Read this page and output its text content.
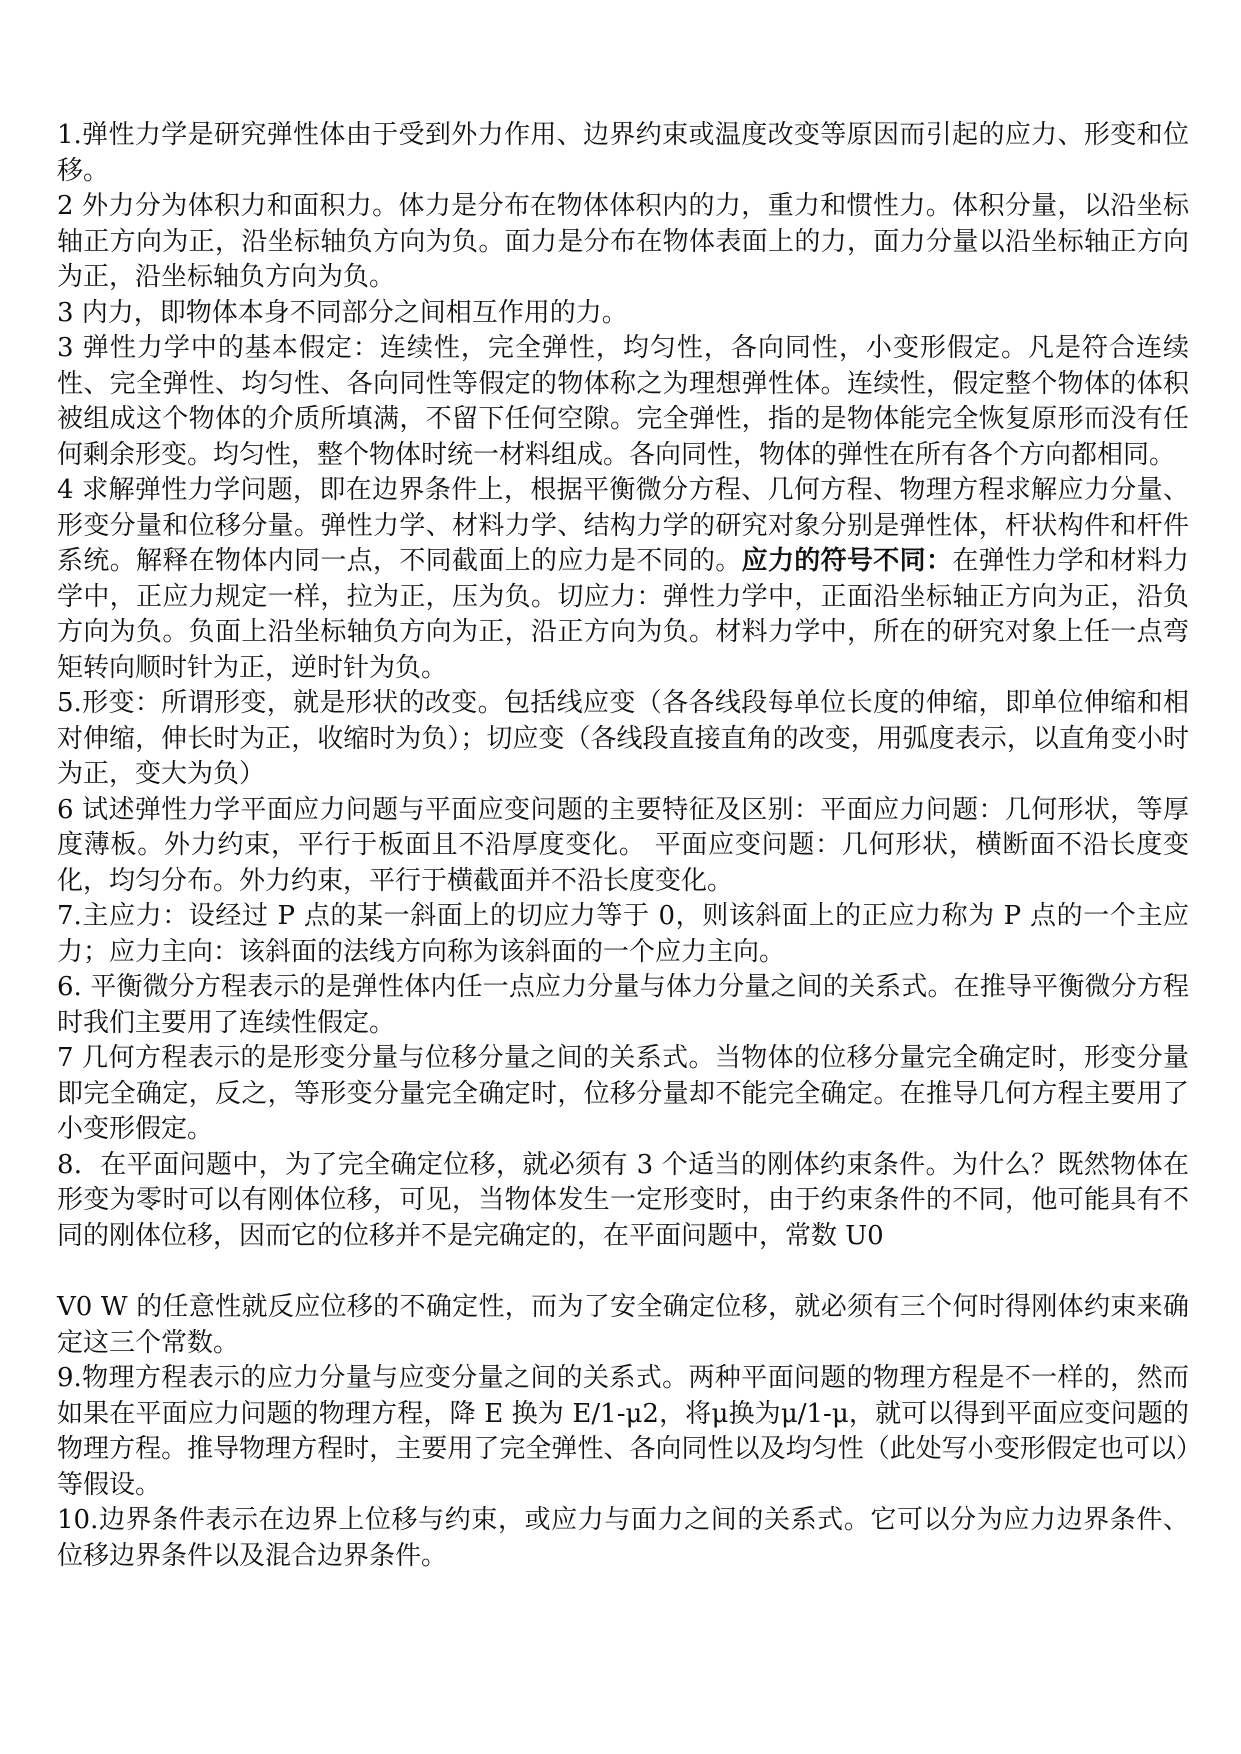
1.弹性力学是研究弹性体由于受到外力作用、边界约束或温度改变等原因而引起的应力、形变和位移。

2 外力分为体积力和面积力。体力是分布在物体体积内的力，重力和惯性力。体积分量，以沿坐标轴正方向为正，沿坐标轴负方向为负。面力是分布在物体表面上的力，面力分量以沿坐标轴正方向为正，沿坐标轴负方向为负。

3 内力，即物体本身不同部分之间相互作用的力。

3 弹性力学中的基本假定：连续性，完全弹性，均匀性，各向同性，小变形假定。凡是符合连续性、完全弹性、均匀性、各向同性等假定的物体称之为理想弹性体。连续性，假定整个物体的体积被组成这个物体的介质所填满，不留下任何空隙。完全弹性，指的是物体能完全恢复原形而没有任何剩余形变。均匀性，整个物体时统一材料组成。各向同性，物体的弹性在所有各个方向都相同。

4 求解弹性力学问题，即在边界条件上，根据平衡微分方程、几何方程、物理方程求解应力分量、形变分量和位移分量。弹性力学、材料力学、结构力学的研究对象分别是弹性体，杆状构件和杆件系统。解释在物体内同一点，不同截面上的应力是不同的。应力的符号不同：在弹性力学和材料力学中，正应力规定一样，拉为正，压为负。切应力：弹性力学中，正面沿坐标轴正方向为正，沿负方向为负。负面上沿坐标轴负方向为正，沿正方向为负。材料力学中，所在的研究对象上任一点弯矩转向顺时针为正，逆时针为负。

5.形变：所谓形变，就是形状的改变。包括线应变（各各线段每单位长度的伸缩，即单位伸缩和相对伸缩，伸长时为正，收缩时为负）；切应变（各线段直接直角的改变，用弧度表示，以直角变小时为正，变大为负）

6 试述弹性力学平面应力问题与平面应变问题的主要特征及区别：平面应力问题：几何形状，等厚度薄板。外力约束，平行于板面且不沿厚度变化。 平面应变问题：几何形状，横断面不沿长度变化，均匀分布。外力约束，平行于横截面并不沿长度变化。

7.主应力：设经过 P 点的某一斜面上的切应力等于 0，则该斜面上的正应力称为 P 点的一个主应力；应力主向：该斜面的法线方向称为该斜面的一个应力主向。

6. 平衡微分方程表示的是弹性体内任一点应力分量与体力分量之间的关系式。在推导平衡微分方程时我们主要用了连续性假定。

7 几何方程表示的是形变分量与位移分量之间的关系式。当物体的位移分量完全确定时，形变分量即完全确定，反之，等形变分量完全确定时，位移分量却不能完全确定。在推导几何方程主要用了小变形假定。

8．在平面问题中，为了完全确定位移，就必须有 3 个适当的刚体约束条件。为什么？既然物体在形变为零时可以有刚体位移，可见，当物体发生一定形变时，由于约束条件的不同，他可能具有不同的刚体位移，因而它的位移并不是完确定的，在平面问题中，常数 U0

V0 W 的任意性就反应位移的不确定性，而为了安全确定位移，就必须有三个何时得刚体约束来确定这三个常数。

9.物理方程表示的应力分量与应变分量之间的关系式。两种平面问题的物理方程是不一样的，然而如果在平面应力问题的物理方程，降 E 换为 E/1-μ2，将μ换为μ/1-μ，就可以得到平面应变问题的物理方程。推导物理方程时，主要用了完全弹性、各向同性以及均匀性（此处写小变形假定也可以）等假设。

10.边界条件表示在边界上位移与约束，或应力与面力之间的关系式。它可以分为应力边界条件、位移边界条件以及混合边界条件。
